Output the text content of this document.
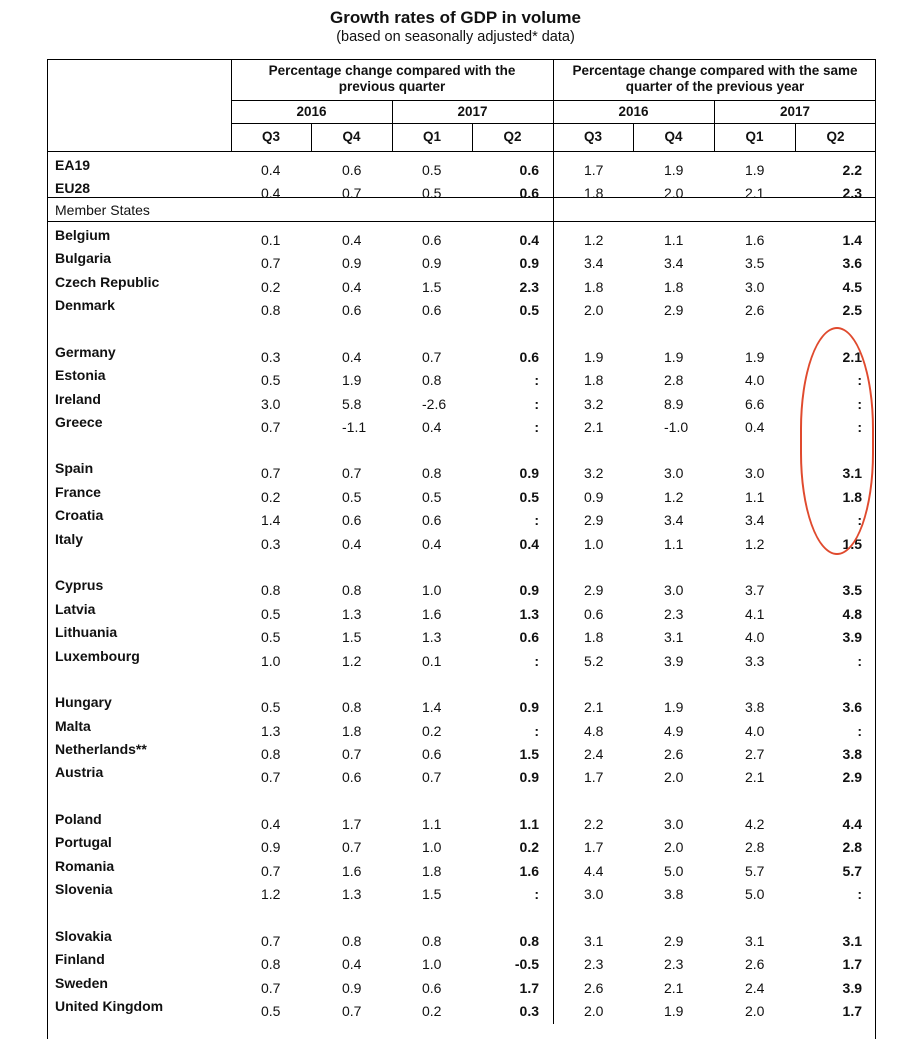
Growth rates of GDP in volume
(based on seasonally adjusted* data)
Percentage change compared with the previous quarter
Percentage change compared with the same quarter of the previous year
2016	2017	2016	2017
Q3	Q4	Q1	Q2	Q3	Q4	Q1	Q2
Member States
EA19	0.4	0.6	0.5	0.6	1.7	1.9	1.9	2.2
EU28	0.4	0.7	0.5	0.6	1.8	2.0	2.1	2.3
Belgium	0.1	0.4	0.6	0.4	1.2	1.1	1.6	1.4
Bulgaria	0.7	0.9	0.9	0.9	3.4	3.4	3.5	3.6
Czech Republic	0.2	0.4	1.5	2.3	1.8	1.8	3.0	4.5
Denmark	0.8	0.6	0.6	0.5	2.0	2.9	2.6	2.5
Germany	0.3	0.4	0.7	0.6	1.9	1.9	1.9	2.1
Estonia	0.5	1.9	0.8	:	1.8	2.8	4.0	:
Ireland	3.0	5.8	-2.6	:	3.2	8.9	6.6	:
Greece	0.7	-1.1	0.4	:	2.1	-1.0	0.4	:
Spain	0.7	0.7	0.8	0.9	3.2	3.0	3.0	3.1
France	0.2	0.5	0.5	0.5	0.9	1.2	1.1	1.8
Croatia	1.4	0.6	0.6	:	2.9	3.4	3.4	:
Italy	0.3	0.4	0.4	0.4	1.0	1.1	1.2	1.5
Cyprus	0.8	0.8	1.0	0.9	2.9	3.0	3.7	3.5
Latvia	0.5	1.3	1.6	1.3	0.6	2.3	4.1	4.8
Lithuania	0.5	1.5	1.3	0.6	1.8	3.1	4.0	3.9
Luxembourg	1.0	1.2	0.1	:	5.2	3.9	3.3	:
Hungary	0.5	0.8	1.4	0.9	2.1	1.9	3.8	3.6
Malta	1.3	1.8	0.2	:	4.8	4.9	4.0	:
Netherlands**	0.8	0.7	0.6	1.5	2.4	2.6	2.7	3.8
Austria	0.7	0.6	0.7	0.9	1.7	2.0	2.1	2.9
Poland	0.4	1.7	1.1	1.1	2.2	3.0	4.2	4.4
Portugal	0.9	0.7	1.0	0.2	1.7	2.0	2.8	2.8
Romania	0.7	1.6	1.8	1.6	4.4	5.0	5.7	5.7
Slovenia	1.2	1.3	1.5	:	3.0	3.8	5.0	:
Slovakia	0.7	0.8	0.8	0.8	3.1	2.9	3.1	3.1
Finland	0.8	0.4	1.0	-0.5	2.3	2.3	2.6	1.7
Sweden	0.7	0.9	0.6	1.7	2.6	2.1	2.4	3.9
United Kingdom	0.5	0.7	0.2	0.3	2.0	1.9	2.0	1.7
